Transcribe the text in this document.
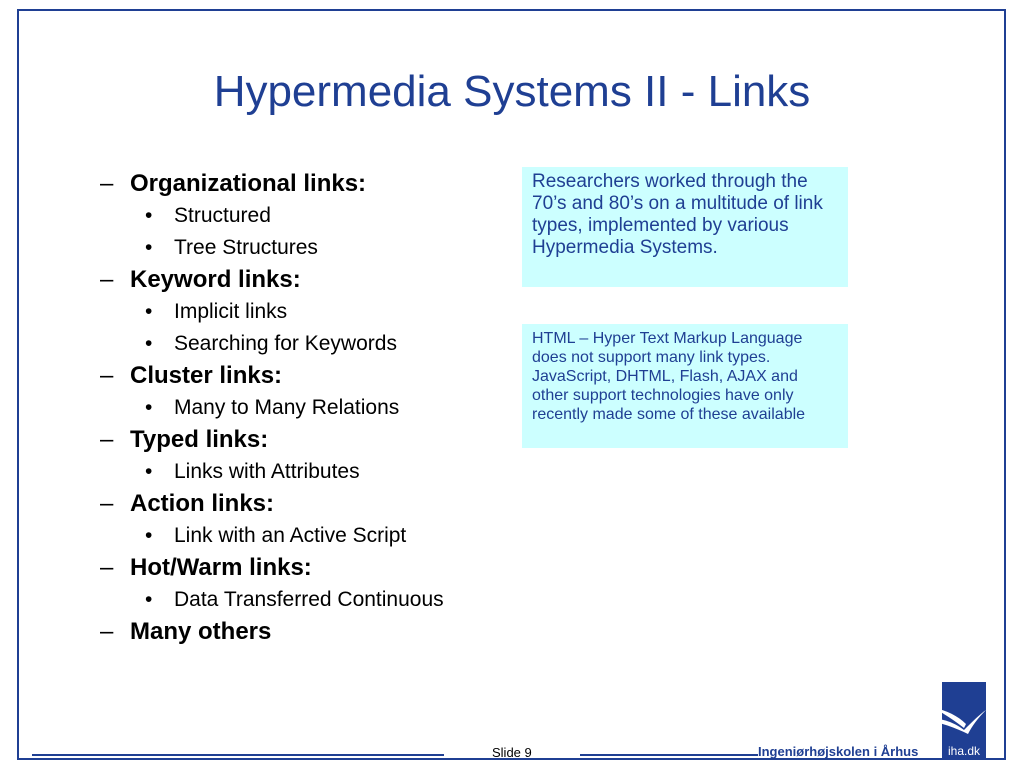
Hypermedia Systems II - Links
– Organizational links:
• Structured
• Tree Structures
– Keyword links:
• Implicit links
• Searching for Keywords
– Cluster links:
• Many to Many Relations
– Typed links:
• Links with Attributes
– Action links:
• Link with an Active Script
– Hot/Warm links:
• Data Transferred Continuous
– Many others
Researchers worked through the 70’s and 80’s on a multitude of link types, implemented by various Hypermedia Systems.
HTML – Hyper Text Markup Language does not support many link types. JavaScript, DHTML, Flash, AJAX and other support technologies have only recently made some of these available
Slide 9	Ingeniørhøjskolen i Århus iha.dk
